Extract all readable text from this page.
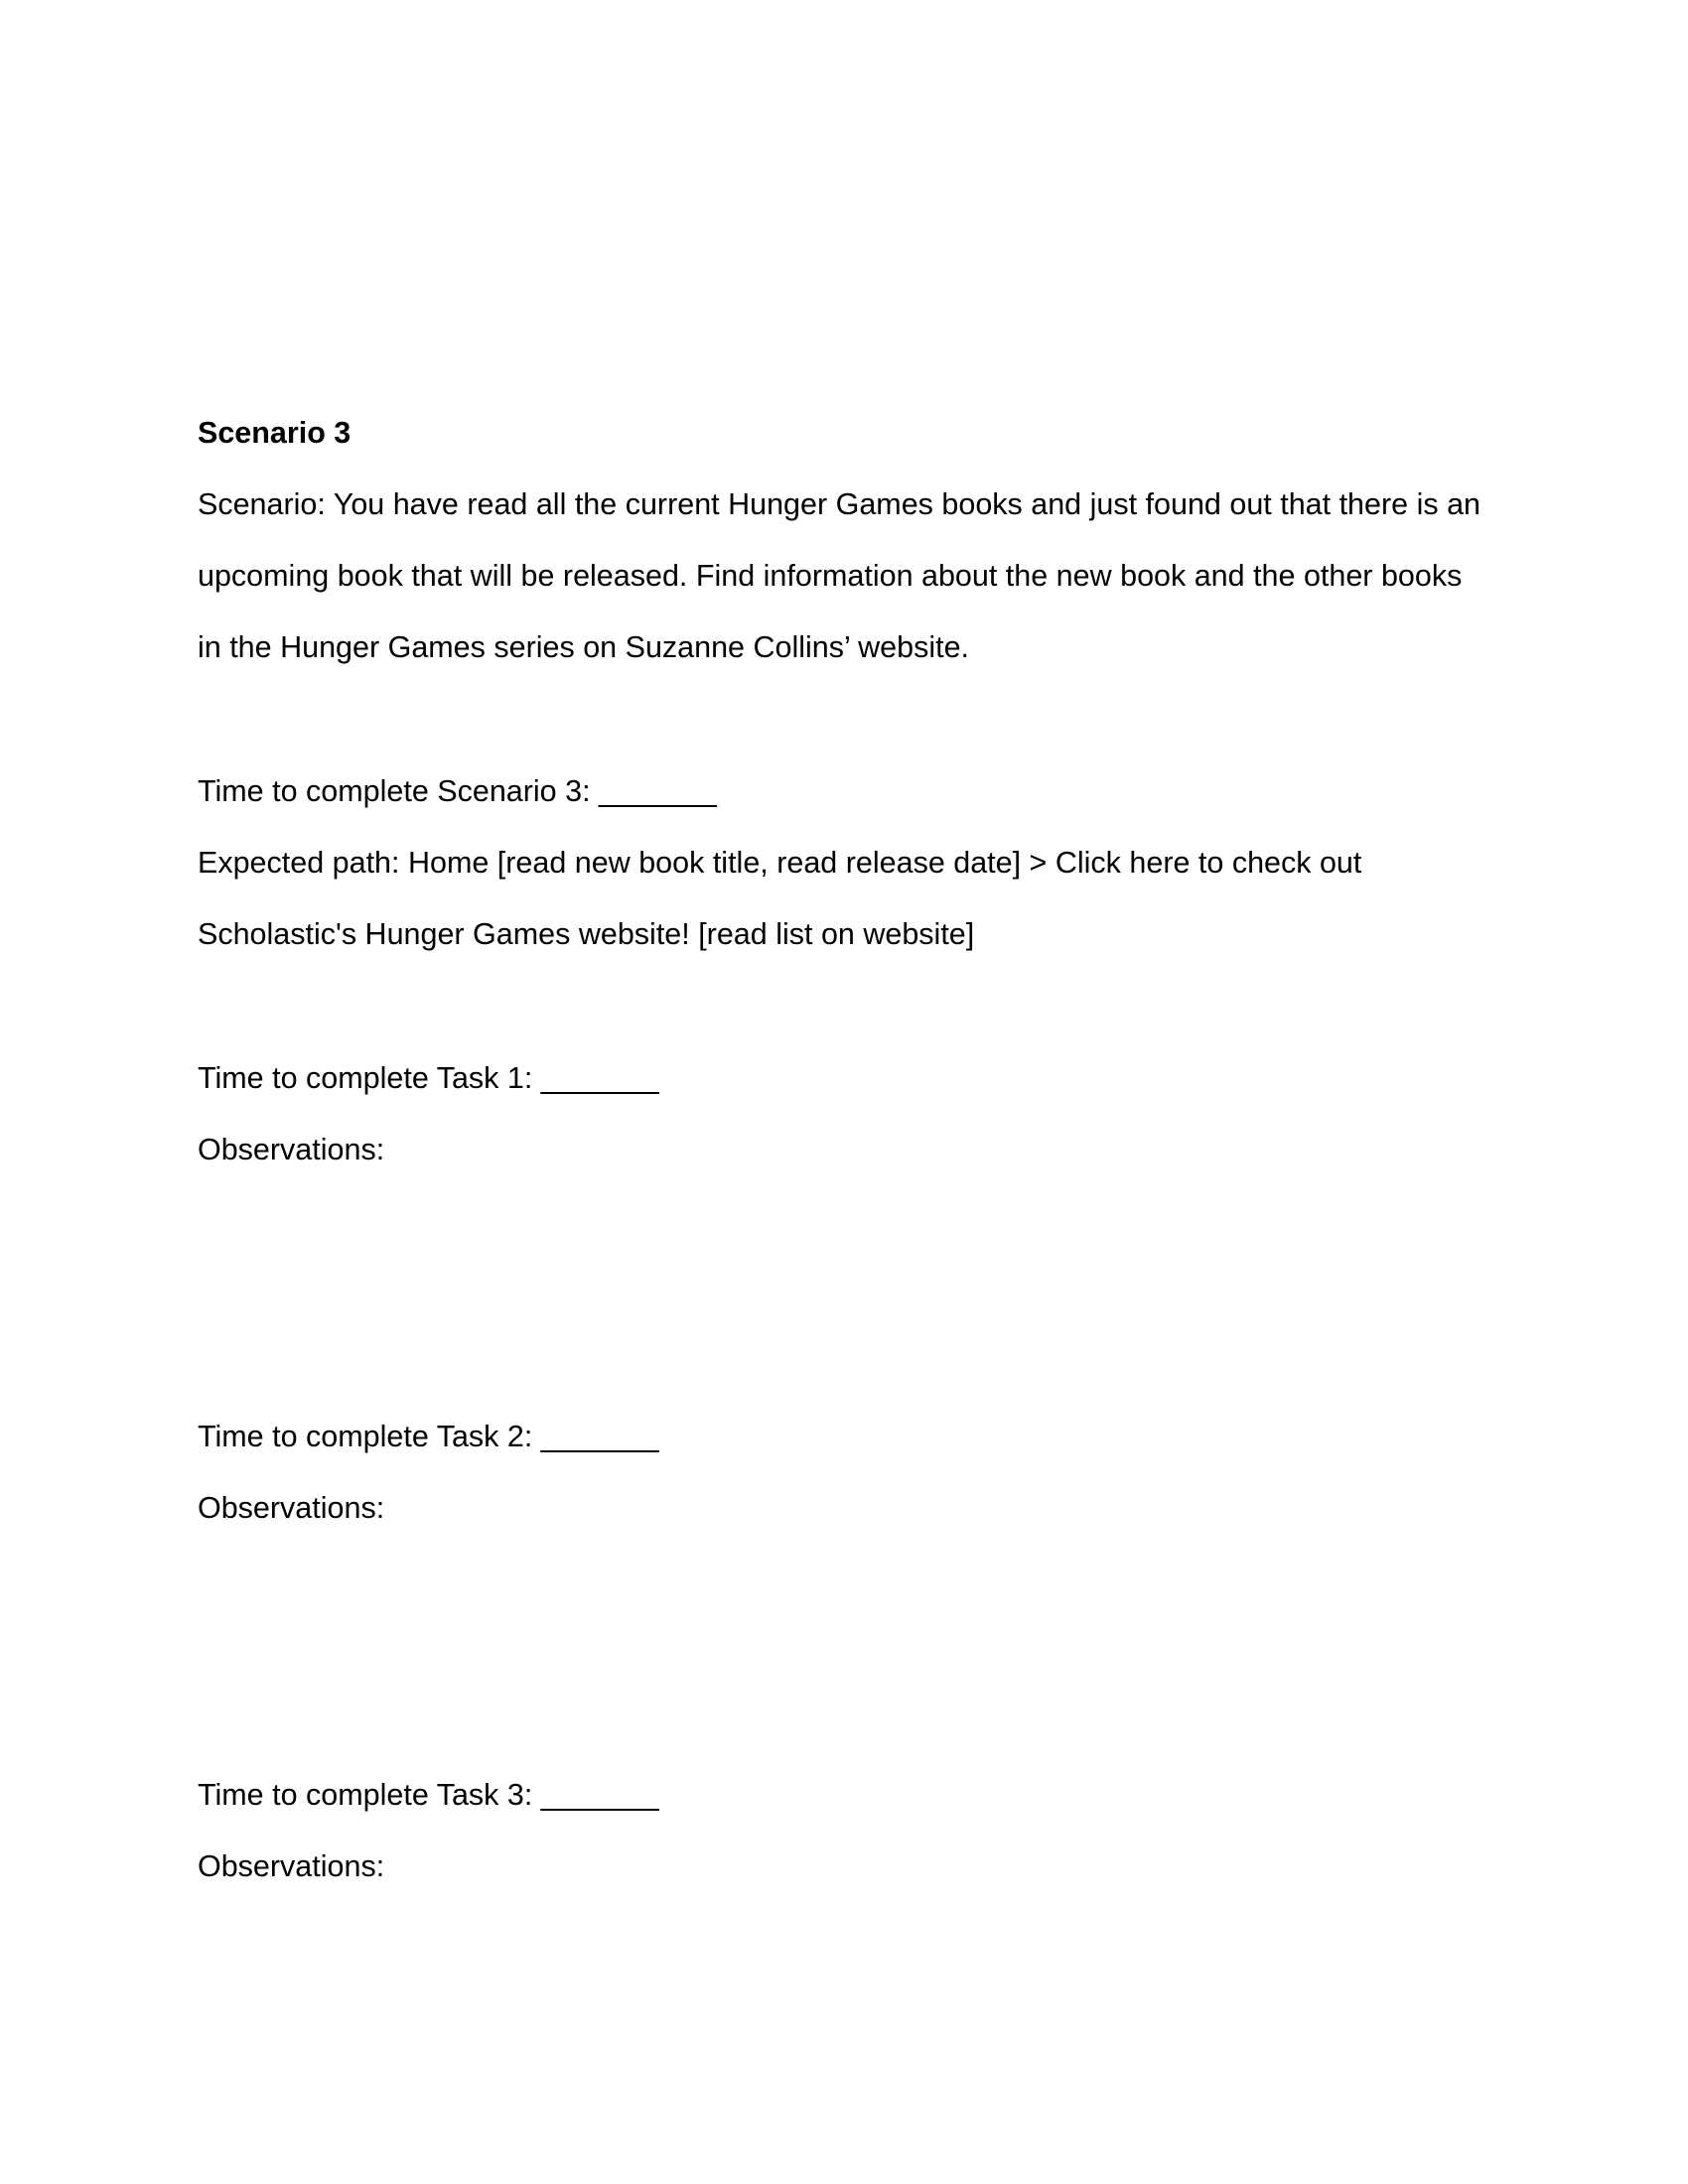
Scenario 3
Scenario: You have read all the current Hunger Games books and just found out that there is an
upcoming book that will be released. Find information about the new book and the other books
in the Hunger Games series on Suzanne Collins’ website.
Time to complete Scenario 3: _______
Expected path: Home [read new book title, read release date] > Click here to check out
Scholastic's Hunger Games website! [read list on website]
Time to complete Task 1: _______
Observations:
Time to complete Task 2: _______
Observations:
Time to complete Task 3: _______
Observations:
